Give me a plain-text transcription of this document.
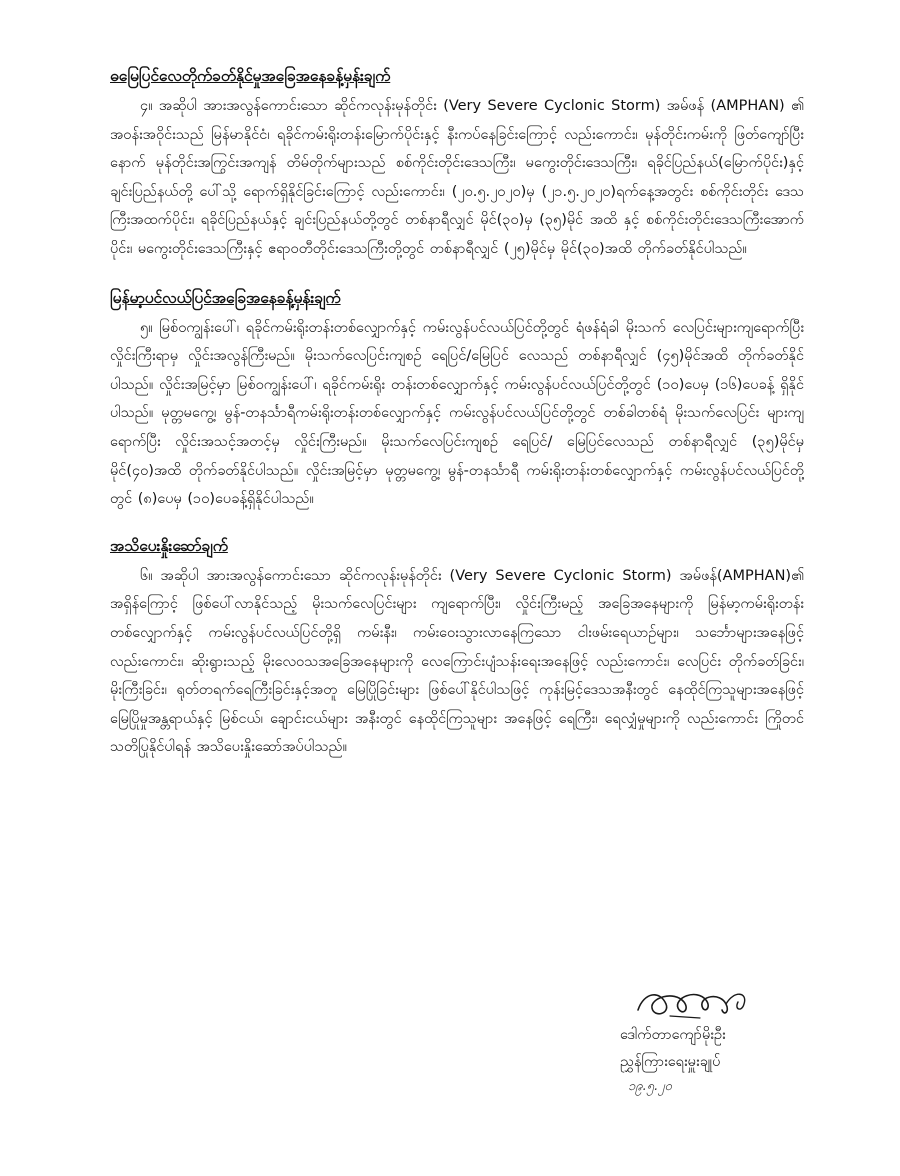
ဓမြေပြင်လေတိုက်ခတ်နိုင်မှုအခြေအနေခန့်မှန်းချက်

၄။ အဆိုပါ အားအလွန်ကောင်းသော ဆိုင်ကလုန်းမုန်တိုင်း (Very Severe Cyclonic Storm) အမ်ဖန် (AMPHAN) ၏ အဝန်းအဝိုင်းသည် မြန်မာနိုင်ငံ၊ ရခိုင်ကမ်းရိုးတန်းမြောက်ပိုင်းနှင့် နီးကပ်နေခြင်းကြောင့် လည်းကောင်း၊ မုန်တိုင်းကမ်းကို ဖြတ်ကျော်ပြီးနောက် မုန်တိုင်းအကြွင်းအကျန် တိမ်တိုက်များသည် စစ်ကိုင်းတိုင်းဒေသကြီး၊ မကွေးတိုင်းဒေသကြီး၊ ရခိုင်ပြည်နယ်(မြောက်ပိုင်း)နှင့် ချင်းပြည်နယ်တို့ ပေါ်သို့ ရောက်ရှိနိုင်ခြင်းကြောင့် လည်းကောင်း၊ (၂၀.၅.၂၀၂၀)မှ (၂၁.၅.၂၀၂၀)ရက်နေ့အတွင်း စစ်ကိုင်းတိုင်း ဒေသကြီးအထက်ပိုင်း၊ ရခိုင်ပြည်နယ်နှင့် ချင်းပြည်နယ်တို့တွင် တစ်နာရီလျှင် မိုင်(၃၀)မှ (၃၅)မိုင် အထိ နှင့် စစ်ကိုင်းတိုင်းဒေသကြီးအောက်ပိုင်း၊ မကွေးတိုင်းဒေသကြီးနှင့် ဧရာဝတီတိုင်းဒေသကြီးတို့တွင် တစ်နာရီလျှင် (၂၅)မိုင်မှ မိုင်(၃၀)အထိ တိုက်ခတ်နိုင်ပါသည်။

မြန်မာ့ပင်လယ်ပြင်အခြေအနေခန့်မှန်းချက်

၅။ မြစ်ဝကျွန်းပေါ်၊ ရခိုင်ကမ်းရိုးတန်းတစ်လျှောက်နှင့် ကမ်းလွန်ပင်လယ်ပြင်တို့တွင် ရံဖန်ရံခါ မိုးသက် လေပြင်းများကျရောက်ပြီး လှိုင်းကြီးရာမှ လှိုင်းအလွန်ကြီးမည်။ မိုးသက်လေပြင်းကျစဉ် ရေပြင်/မြေပြင် လေသည် တစ်နာရီလျှင် (၄၅)မိုင်အထိ တိုက်ခတ်နိုင်ပါသည်။ လှိုင်းအမြင့်မှာ မြစ်ဝကျွန်းပေါ်၊ ရခိုင်ကမ်းရိုး တန်းတစ်လျှောက်နှင့် ကမ်းလွန်ပင်လယ်ပြင်တို့တွင် (၁၀)ပေမှ (၁၆)ပေခန့် ရှိနိုင်ပါသည်။ မုတ္တမကွေ့၊ မွန်-တနင်္သာရီကမ်းရိုးတန်းတစ်လျှောက်နှင့် ကမ်းလွန်ပင်လယ်ပြင်တို့တွင် တစ်ခါတစ်ရံ မိုးသက်လေပြင်း များကျရောက်ပြီး လှိုင်းအသင့်အတင့်မှ လှိုင်းကြီးမည်။ မိုးသက်လေပြင်းကျစဉ် ရေပြင်/ မြေပြင်လေသည် တစ်နာရီလျှင် (၃၅)မိုင်မှ မိုင်(၄၀)အထိ တိုက်ခတ်နိုင်ပါသည်။ လှိုင်းအမြင့်မှာ မုတ္တမကွေ့၊ မွန်-တနင်္သာရီ ကမ်းရိုးတန်းတစ်လျှောက်နှင့် ကမ်းလွန်ပင်လယ်ပြင်တို့တွင် (၈)ပေမှ (၁၀)ပေခန့်ရှိနိုင်ပါသည်။

အသိပေးနှိုးဆော်ချက်

၆။ အဆိုပါ အားအလွန်ကောင်းသော ဆိုင်ကလုန်းမုန်တိုင်း (Very Severe Cyclonic Storm) အမ်ဖန်(AMPHAN)၏ အရှိန်ကြောင့် ဖြစ်ပေါ်လာနိုင်သည့် မိုးသက်လေပြင်းများ ကျရောက်ပြီး၊ လှိုင်းကြီးမည့် အခြေအနေများကို မြန်မာ့ကမ်းရိုးတန်းတစ်လျှောက်နှင့် ကမ်းလွန်ပင်လယ်ပြင်တို့ရှိ ကမ်းနီး၊ ကမ်းဝေးသွားလာနေကြသော ငါးဖမ်းရေယာဉ်များ၊ သင်္ဘောများအနေဖြင့် လည်းကောင်း၊ ဆိုးရွားသည့် မိုးလေဝသအခြေအနေများကို လေကြောင်းပျံသန်းရေးအနေဖြင့် လည်းကောင်း၊ လေပြင်း တိုက်ခတ်ခြင်း၊ မိုးကြီးခြင်း၊ ရုတ်တရက်ရေကြီးခြင်းနှင့်အတူ မြေပြိုခြင်းများ ဖြစ်ပေါ်နိုင်ပါသဖြင့် ကုန်းမြင့်ဒေသအနီးတွင် နေထိုင်ကြသူများအနေဖြင့် မြေပြိုမှုအန္တရာယ်နှင့် မြစ်ငယ်၊ ချောင်းငယ်များ အနီးတွင် နေထိုင်ကြသူများ အနေဖြင့် ရေကြီး၊ ရေလျှံမှုများကို လည်းကောင်း ကြိုတင်သတိပြုနိုင်ပါရန် အသိပေးနှိုးဆော်အပ်ပါသည်။

ဒေါက်တာကျော်မိုးဦး

ညွှန်ကြားရေးမှူးချုပ်

၁၉.၅.၂၀
